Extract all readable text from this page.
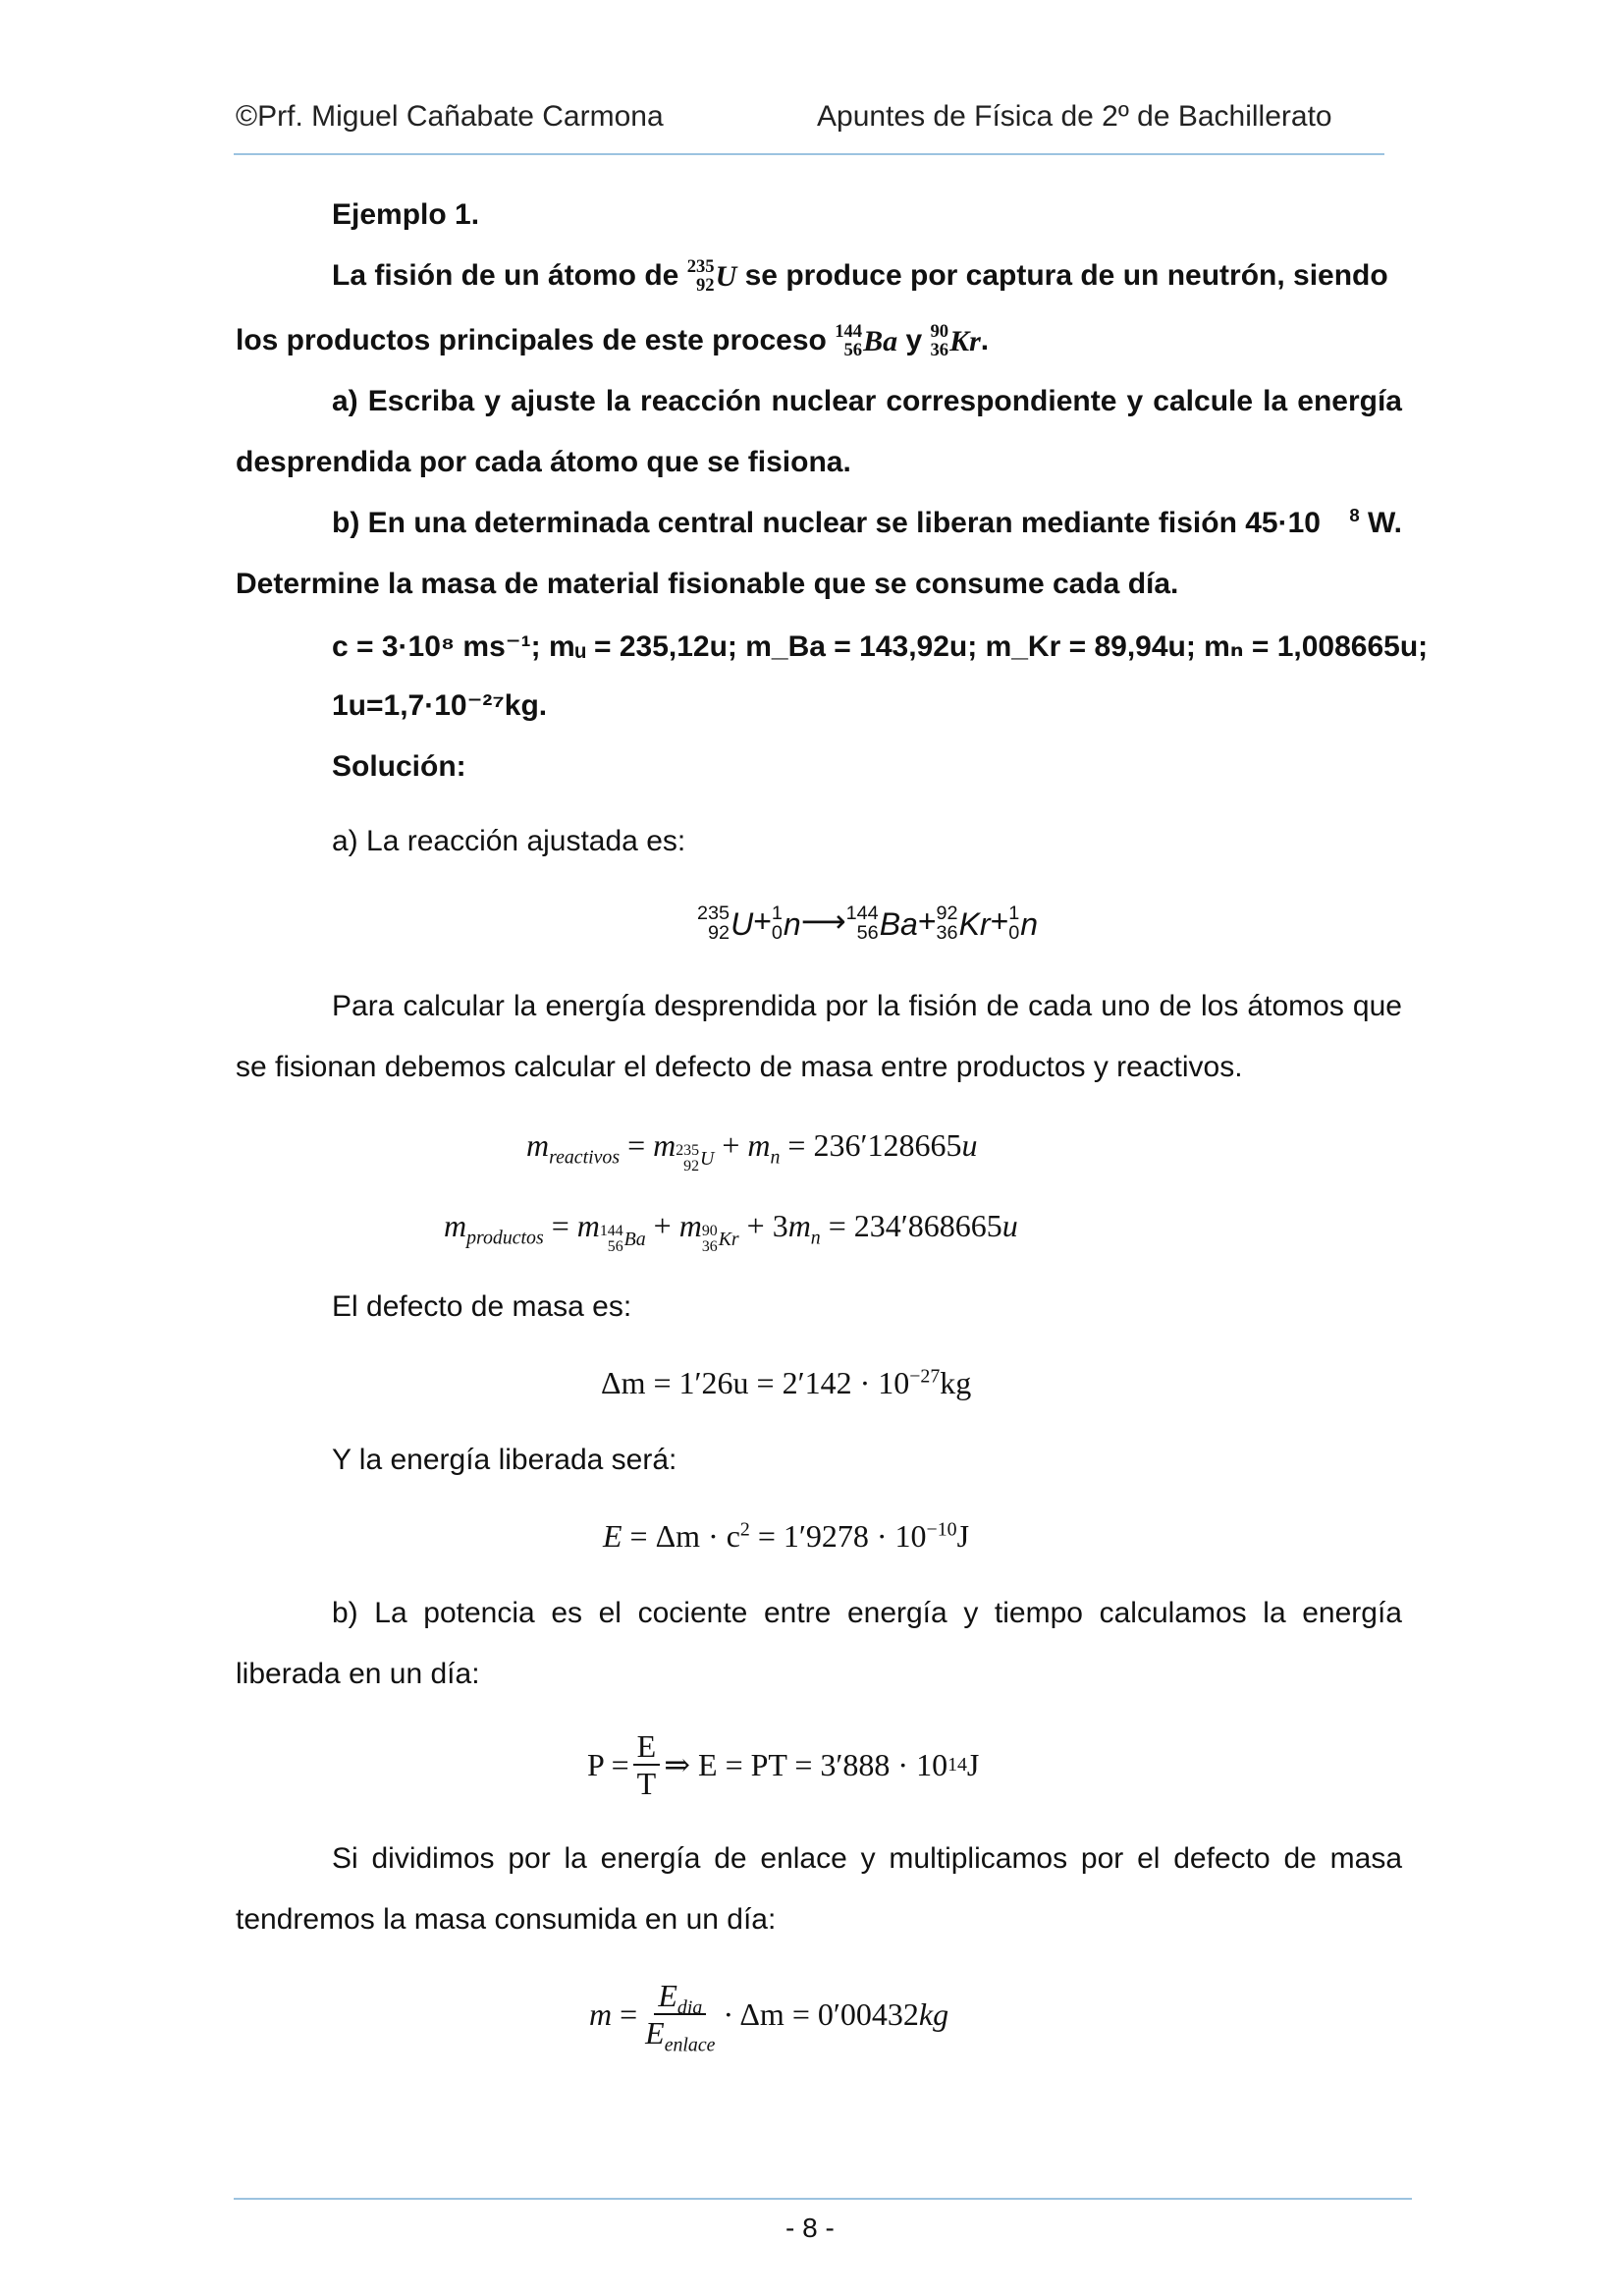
©Prf. Miguel Cañabate Carmona	Apuntes de Física de 2º de Bachillerato
Ejemplo 1.
La fisión de un átomo de 235
92 U se produce por captura de un neutrón, siendo
los productos principales de este proceso 144
56 Ba y 90
36 Kr .
a) Escriba y ajuste la reacción nuclear correspondiente y calcule la energía
desprendida por cada átomo que se fisiona.
b) En una determinada central nuclear se liberan mediante fisión 45·10 $^8$ W.
Determine la masa de material fisionable que se consume cada día.
c = 3·10⁸ ms⁻¹; mᵤ = 235,12u; m_Ba = 143,92u; m_Kr = 89,94u; mₙ = 1,008665u;
1u=1,7·10⁻²⁷kg.
Solución:
a) La reacción ajustada es:
235
92 U + 1
0 n ⟶ 144
56 Ba + 92
36 Kr + 1
0 n
Para calcular la energía desprendida por la fisión de cada uno de los átomos que
se fisionan debemos calcular el defecto de masa entre productos y reactivos.
$m_{reactivos} = m$ $_{235 92 U} + m_n = 236'128665u$
$m_{productos} = m$ $_{144 56 Ba}$ + m $_{90 36 Kr} + 3m_n = 234'868665u$
El defecto de masa es:
$\Delta m = 1'26u = 2'142 \cdot 10^{-27}kg$
Y la energía liberada será:
$E = \Delta m \cdot c^2 = 1'9278 \cdot 10^{-10}J$
b) La potencia es el cociente entre energía y tiempo calculamos la energía
liberada en un día:
$P = \frac{E}{T}$ ⇒ E = PT = 3′888 · 10 14 J
Si dividimos por la energía de enlace y multiplicamos por el defecto de masa
tendremos la masa consumida en un día:
$m = \frac{E_{dia}}{E_{enlace}} \cdot \Delta m = 0'00432$ kg
- 8 -
